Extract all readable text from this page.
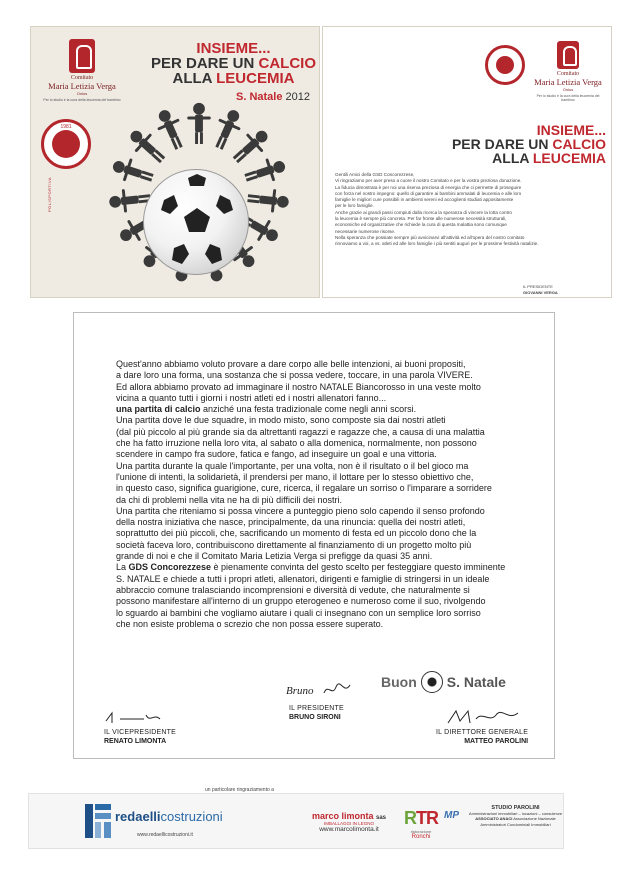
Comitato
Maria Letizia Verga
Onlus
Per lo studio e la cura della leucemia del bambino
1981
POLISPORTIVA
INSIEME...
PER DARE UN CALCIO
ALLA LEUCEMIA
S. Natale 2012
Comitato
Maria Letizia Verga
Onlus
Per lo studio e la cura della leucemia del bambino
INSIEME...
PER DARE UN CALCIO
ALLA LEUCEMIA

Gentili Amici della GSD Concorezzese,

Vi ringraziamo per aver preso a cuore il nostro Comitato e per la vostra preziosa donazione.

La fiducia dimostrata è per noi una riserva preziosa di energia che ci permette di proseguire

con forza nel nostro impegno: quello di garantire ai bambini ammalati di leucemia e alle loro

famiglie le migliori cure possibili in ambienti sereni ed accoglienti studiati appositamente

per le loro famiglie.

Anche grazie ai grandi passi compiuti dalla ricerca la speranza di vincere la lotta contro

la leucemia è sempre più concreta. Per far fronte alle numerose necessità strutturali,

economiche ed organizzative che richiede la cura di questa malattia sono comunque

necessarie numerose risorse.

Nella speranza che possiate sempre più avvicinarvi all'attività ed all'opera del nostro comitato

rinnoviamo a voi, a vs. atleti ed alle loro famiglie i più sentiti auguri per le prossime festività natalizie.

IL PRESIDENTE
GIOVANNI VERGA
Quest'anno abbiamo voluto provare a dare corpo alle belle intenzioni, ai buoni propositi,
a dare loro una forma, una sostanza che si possa vedere, toccare, in una parola VIVERE.
Ed allora abbiamo provato ad immaginare il nostro NATALE Biancorosso in una veste molto
vicina a quanto tutti i giorni i nostri atleti ed i nostri allenatori fanno...
una partita di calcio anziché una festa tradizionale come negli anni scorsi.
Una partita dove le due squadre, in modo misto, sono composte sia dai nostri atleti
(dal più piccolo al più grande sia da altrettanti ragazzi e ragazze che, a causa di una malattia
che ha fatto irruzione nella loro vita, al sabato o alla domenica, normalmente, non possono
scendere in campo fra sudore, fatica e fango, ad inseguire un goal e una vittoria.
Una partita durante la quale l'importante, per una volta, non è il risultato o il bel gioco ma
l'unione di intenti, la solidarietà, il prendersi per mano, il lottare per lo stesso obiettivo che,
in questo caso, significa guarigione, cure, ricerca, il regalare un sorriso o l'imparare a sorridere
da chi di problemi nella vita ne ha di più difficili dei nostri.
Una partita che riteniamo si possa vincere a punteggio pieno solo capendo il senso profondo
della nostra iniziativa che nasce, principalmente, da una rinuncia: quella dei nostri atleti,
soprattutto dei più piccoli, che, sacrificando un momento di festa ed un piccolo dono che la
società faceva loro, contribuiscono direttamente al finanziamento di un progetto molto più
grande di noi e che il Comitato Maria Letizia Verga si prefigge da quasi 35 anni.
La GDS Concorezzese è pienamente convinta del gesto scelto per festeggiare questo imminente
S. NATALE e chiede a tutti i propri atleti, allenatori, dirigenti e famiglie di stringersi in un ideale
abbraccio comune tralasciando incomprensioni e diversità di vedute, che naturalmente si
possono manifestare all'interno di un gruppo eterogeneo e numeroso come il suo, rivolgendo
lo sguardo ai bambini che vogliamo aiutare i quali ci insegnano con un semplice loro sorriso
che non esiste problema o screzio che non possa essere superato.
Bruno
IL PRESIDENTE
BRUNO SIRONI
Buon S. Natale
IL VICEPRESIDENTE
RENATO LIMONTA
IL DIRETTORE GENERALE
MATTEO PAROLINI
un particolare ringraziamento a
redaellicostruzioni
www.redaellicostruzioni.it
marco limonta sas
IMBALLAGGI IN LEGNO
www.marcolimonta.it
RTR
ristorazione
Ronchi
MP
STUDIO PAROLINI
Amministrazioni immobiliari – locazioni – consulenze
ASSOCIATO ANACI Associazione Nazionale
Amministratori Condominiali Immobiliari
